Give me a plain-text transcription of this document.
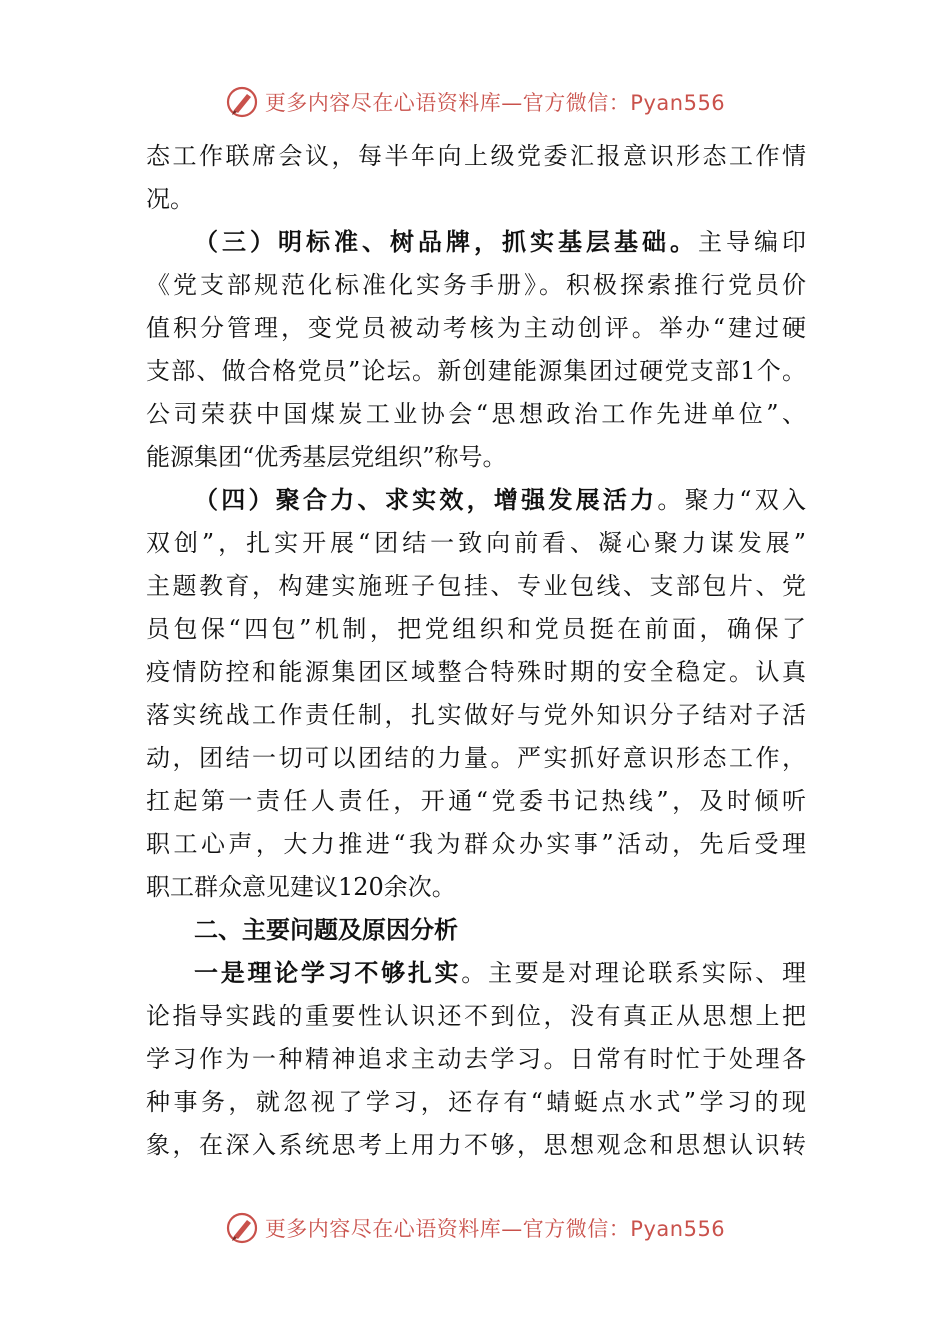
更多内容尽在心语资料库—官方微信：Pyan556
态工作联席会议，每半年向上级党委汇报意识形态工作情
况。
（三）明标准、树品牌，抓实基层基础。主导编印
《党支部规范化标准化实务手册》。积极探索推行党员价
值积分管理，变党员被动考核为主动创评。举办“建过硬
支部、做合格党员”论坛。新创建能源集团过硬党支部1个。
公司荣获中国煤炭工业协会“思想政治工作先进单位”、
能源集团“优秀基层党组织”称号。
（四）聚合力、求实效，增强发展活力。聚力“双入
双创”，扎实开展“团结一致向前看、凝心聚力谋发展”
主题教育，构建实施班子包挂、专业包线、支部包片、党
员包保“四包”机制，把党组织和党员挺在前面，确保了
疫情防控和能源集团区域整合特殊时期的安全稳定。认真
落实统战工作责任制，扎实做好与党外知识分子结对子活
动，团结一切可以团结的力量。严实抓好意识形态工作，
扛起第一责任人责任，开通“党委书记热线”，及时倾听
职工心声，大力推进“我为群众办实事”活动，先后受理
职工群众意见建议120余次。
二、主要问题及原因分析
一是理论学习不够扎实。主要是对理论联系实际、理
论指导实践的重要性认识还不到位，没有真正从思想上把
学习作为一种精神追求主动去学习。日常有时忙于处理各
种事务，就忽视了学习，还存有“蜻蜓点水式”学习的现
象，在深入系统思考上用力不够，思想观念和思想认识转
更多内容尽在心语资料库—官方微信：Pyan556
